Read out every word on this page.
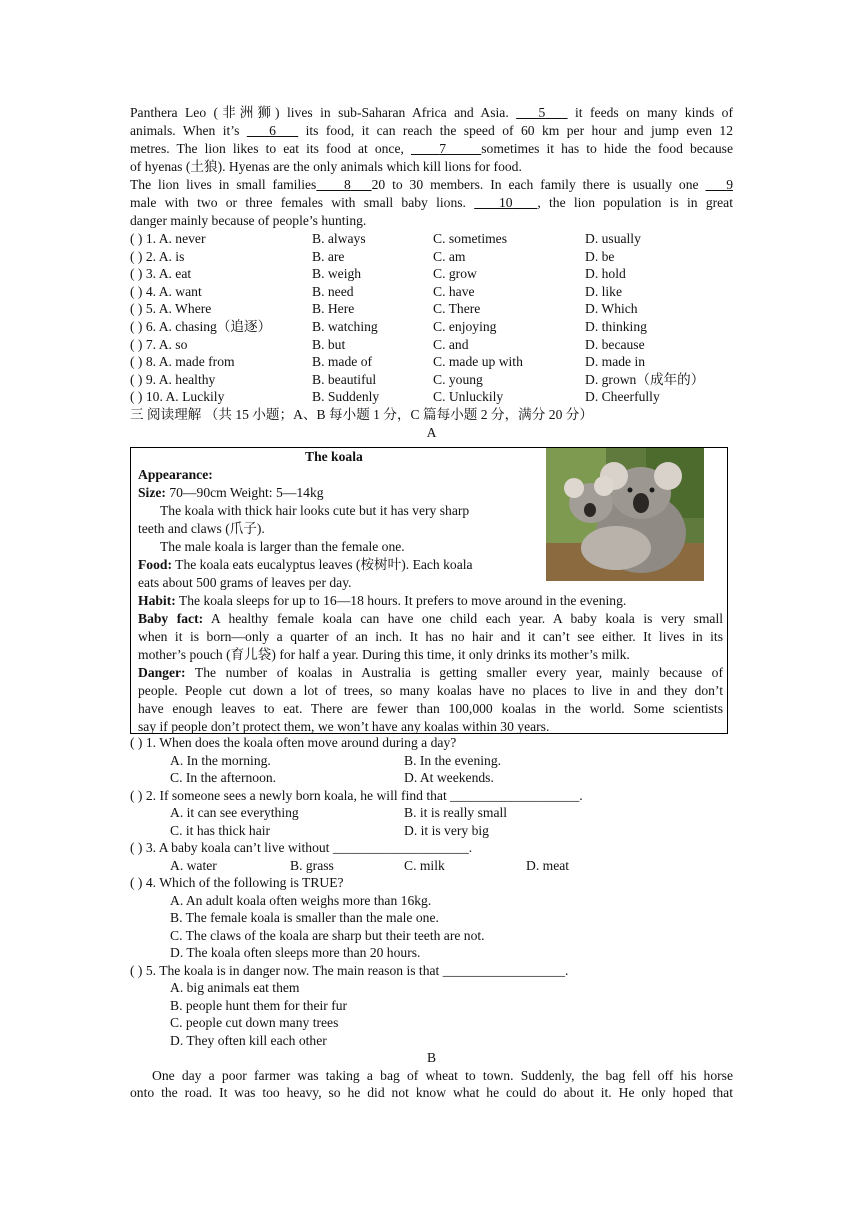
Panthera Leo (非洲狮) lives in sub-Saharan Africa and Asia.    5    it feeds on many kinds of
animals. When it’s    6    its food, it can reach the speed of 60 km per hour and jump even 12
metres. The lion likes to eat its food at once,     7	sometimes it has to hide the food because
of hyenas (土狼). Hyenas are the only animals which kill lions for food.
The lion lives in small families 8 20 to 30 members. In each family there is usually one    9
male with two or three females with small baby lions.    10 , the lion population is in great
danger mainly because of people’s hunting.
( ) 1. A. never	B. always	C. sometimes	D. usually
( ) 2. A. is	B. are	C. am	D. be
( ) 3. A. eat	B. weigh	C. grow	D. hold
( ) 4. A. want	B. need	C. have	D. like
( ) 5. A. Where	B. Here	C. There	D. Which
( ) 6. A. chasing（追逐）	B. watching	C. enjoying	D. thinking
( ) 7. A. so	B. but	C. and	D. because
( ) 8. A. made from	B. made of	C. made up with	D. made in
( ) 9. A. healthy	B. beautiful	C. young	D. grown（成年的）
( ) 10. A. Luckily	B. Suddenly	C. Unluckily	D. Cheerfully
三 阅读理解 （共 15 小题；A、B 每小题 1 分，C 篇每小题 2 分，满分 20 分）
A
The koala
Appearance:
Size: 70—90cm Weight: 5—14kg
The koala with thick hair looks cute but it has very sharp
teeth and claws (爪子).
The male koala is larger than the female one.
Food: The koala eats eucalyptus leaves (桉树叶). Each koala
eats about 500 grams of leaves per day.
Habit: The koala sleeps for up to 16—18 hours. It prefers to move around in the evening.
Baby fact: A healthy female koala can have one child each year. A baby koala is very small
when it is born—only a quarter of an inch. It has no hair and it can’t see either. It lives in its
mother’s pouch (育儿袋) for half a year. During this time, it only drinks its mother’s milk.
Danger: The number of koalas in Australia is getting smaller every year, mainly because of
people. People cut down a lot of trees, so many koalas have no places to live in and they don’t
have enough leaves to eat. There are fewer than 100,000 koalas in the world. Some scientists
say if people don’t protect them, we won’t have any koalas within 30 years.
( ) 1. When does the koala often move around during a day?
A. In the morning.	B. In the evening.
C. In the afternoon.	D. At weekends.
( ) 2. If someone sees a newly born koala, he will find that ___________________.
A. it can see everything	B. it is really small
C. it has thick hair	D. it is very big
( ) 3. A baby koala can’t live without ____________________.
A. water	B. grass	C. milk	D. meat
( ) 4. Which of the following is TRUE?
A. An adult koala often weighs more than 16kg.
B. The female koala is smaller than the male one.
C. The claws of the koala are sharp but their teeth are not.
D. The koala often sleeps more than 20 hours.
( ) 5. The koala is in danger now. The main reason is that __________________.
A. big animals eat them
B. people hunt them for their fur
C. people cut down many trees
D. They often kill each other
B
One day a poor farmer was taking a bag of wheat to town. Suddenly, the bag fell off his horse
onto the road. It was too heavy, so he did not know what he could do about it. He only hoped that
